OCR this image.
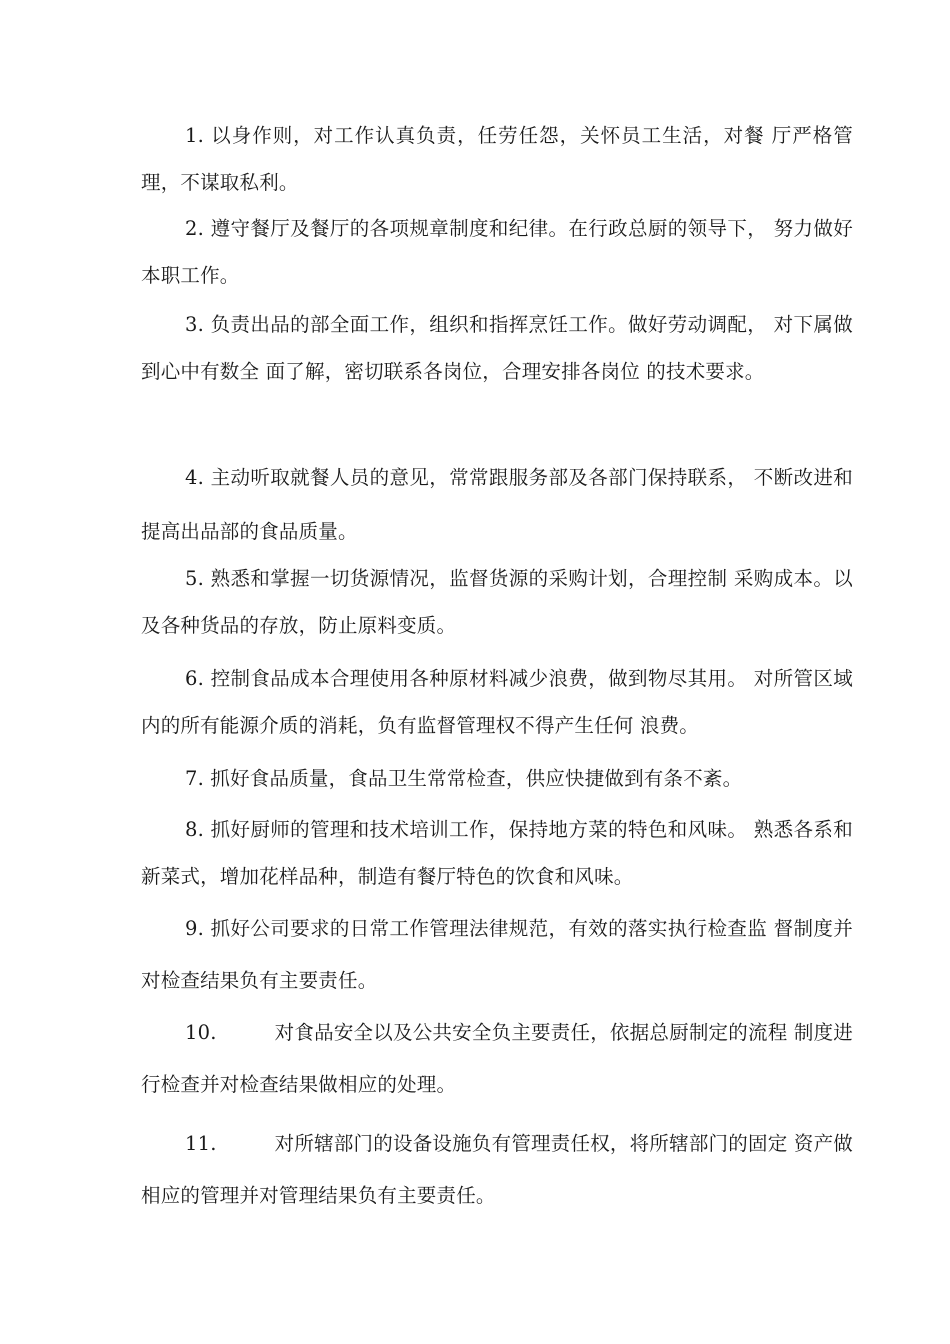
1. 以身作则，对工作认真负责，任劳任怨，关怀员工生活，对餐 厅严格管理，不谋取私利。

2. 遵守餐厅及餐厅的各项规章制度和纪律。在行政总厨的领导下， 努力做好本职工作。

3. 负责出品的部全面工作，组织和指挥烹饪工作。做好劳动调配， 对下属做到心中有数全 面了解，密切联系各岗位，合理安排各岗位 的技术要求。

4. 主动听取就餐人员的意见，常常跟服务部及各部门保持联系， 不断改进和提高出品部的食品质量。

5. 熟悉和掌握一切货源情况，监督货源的采购计划，合理控制 采购成本。以及各种货品的存放，防止原料变质。

6. 控制食品成本合理使用各种原材料减少浪费，做到物尽其用。 对所管区域内的所有能源介质的消耗，负有监督管理权不得产生任何 浪费。

7. 抓好食品质量，食品卫生常常检查，供应快捷做到有条不紊。

8. 抓好厨师的管理和技术培训工作，保持地方菜的特色和风味。 熟悉各系和新菜式，增加花样品种，制造有餐厅特色的饮食和风味。

9. 抓好公司要求的日常工作管理法律规范，有效的落实执行检查监 督制度并对检查结果负有主要责任。

10.	对食品安全以及公共安全负主要责任，依据总厨制定的流程 制度进行检查并对检查结果做相应的处理。

11.	对所辖部门的设备设施负有管理责任权，将所辖部门的固定 资产做相应的管理并对管理结果负有主要责任。
